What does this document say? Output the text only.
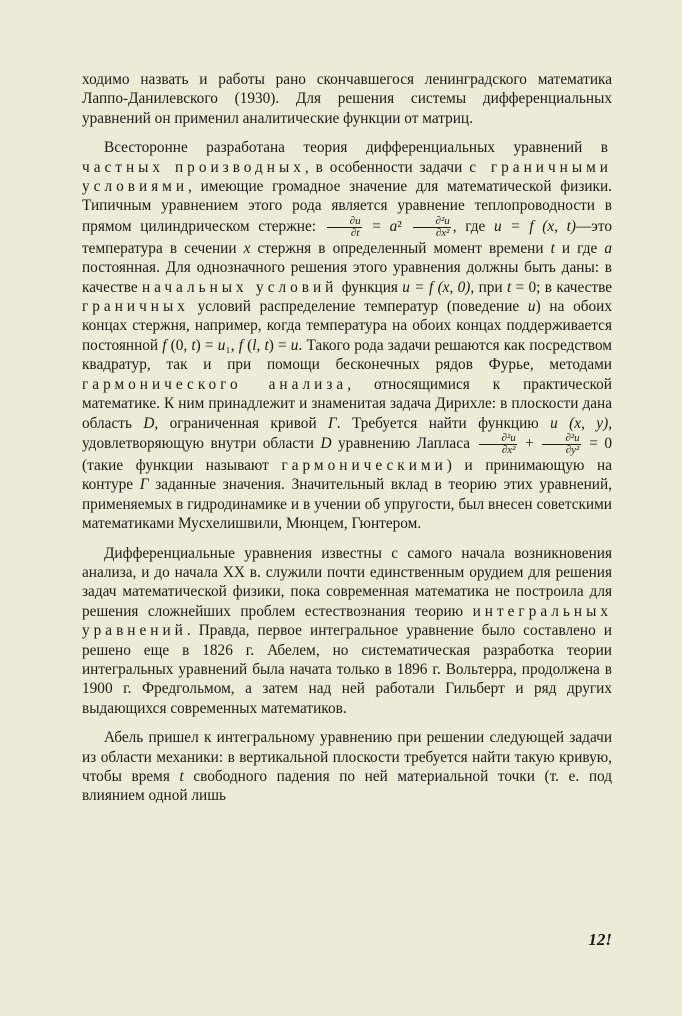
ходимо назвать и работы рано скончавшегося ленинградского математика Лаппо-Данилевского (1930). Для решения системы дифференциальных уравнений он применил аналитические функции от матриц.

Всесторонне разработана теория дифференциальных уравнений в частных производных, в особенности задачи с граничными условиями, имеющие громадное значение для математической физики. Типичным уравнением этого рода является уравнение теплопроводности в прямом цилиндрическом стержне: $\frac{\partial u}{\partial t} = a^2 \frac{\text{∂²u}}{\text{∂x²}}$ , где u = f (x, t)—это температура в сечении x стержня в определенный момент времени t и где a постоянная. Для однозначного решения этого уравнения должны быть даны: в качестве начальных условий функция u = f (x, 0), при t = 0; в качестве граничных условий распределение температур (поведение u) на обоих концах стержня, например, когда температура на обоих концах поддерживается постоянной f (0, t) = u₁, f (l, t) = u. Такого рода задачи решаются как посредством квадратур, так и при помощи бесконечных рядов Фурье, методами гармонического анализа, относящимися к практической математике. К ним принадлежит и знаменитая задача Дирихле: в плоскости дана область D, ограниченная кривой Г. Требуется найти функцию u (x, y), удовлетворяющую внутри области D уравнению Лапласа $\frac{\text{∂²u}}{\text{∂x²}} + \frac{\text{∂²u}}{\text{∂y²}} = 0$ (такие функции называют гармоническими) и принимающую на контуре Г заданные значения. Значительный вклад в теорию этих уравнений, применяемых в гидродинамике и в учении об упругости, был внесен советскими математиками Мусхелишвили, Мюнцем, Гюнтером.

Дифференциальные уравнения известны с самого начала возникновения анализа, и до начала XX в. служили почти единственным орудием для решения задач математической физики, пока современная математика не построила для решения сложнейших проблем естествознания теорию интегральных уравнений. Правда, первое интегральное уравнение было составлено и решено еще в 1826 г. Абелем, но систематическая разработка теории интегральных уравнений была начата только в 1896 г. Вольтерра, продолжена в 1900 г. Фредгольмом, а затем над ней работали Гильберт и ряд других выдающихся современных математиков.

Абель пришел к интегральному уравнению при решении следующей задачи из области механики: в вертикальной плоскости требуется найти такую кривую, чтобы время t свободного падения по ней материальной точки (т. е. под влиянием одной лишь

12!
